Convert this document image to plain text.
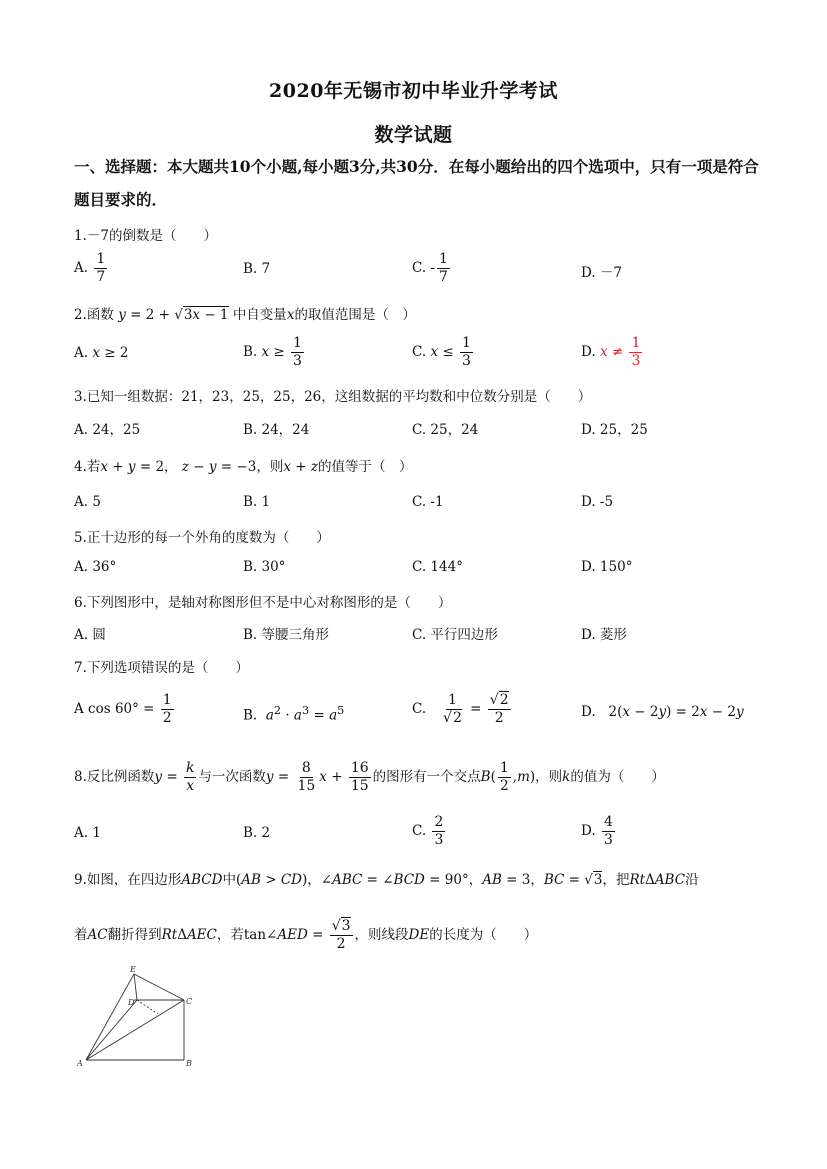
2020年无锡市初中毕业升学考试
数学试题
一、选择题：本大题共10个小题,每小题3分,共30分．在每小题给出的四个选项中，只有一项是符合题目要求的．
1.－7的倒数是（　　）
A. $\frac{1}{7}$	B. 7	C. - $\frac{1}{7}$	D. －7
2.函数 y = 2 + √3x − 1 中自变量x的取值范围是（　）
A. x ≥ 2	B. $x \ge \frac{1}{3}$	C. $x \le \frac{1}{3}$	D. $x \ne \frac{1}{3}$
3.已知一组数据：21，23，25，25，26，这组数据的平均数和中位数分别是（　　）
A. 24，25	B. 24，24	C. 25，24	D. 25，25
4.若x + y = 2， z − y = −3，则x + z的值等于（　）
A. 5	B. 1	C. -1	D. -5
5.正十边形的每一个外角的度数为（　　）
A. 36°	B. 30°	C. 144°	D. 150°
6.下列图形中，是轴对称图形但不是中心对称图形的是（　　）
A. 圆	B. 等腰三角形	C. 平行四边形	D. 菱形
7.下列选项错误的是（　　）
A $\cos 60^\circ = \frac{1}{2}$	B. $a^2 \cdot a^3 = a^5$	C. $\frac{1}{√2} = \frac{√2}{2}$	D.   2(x − 2y) = 2x − 2y
8.反比例函数$y = \frac{k}{x}$ 与一次函数$y = \frac{8}{15}$ $x + \frac{16}{15}$ 的图形有一个交点$B( \frac{1}{2} ,m)$，则k的值为（　　）
A. 1	B. 2	C. $\frac{2}{3}$	D. $\frac{4}{3}$
9.如图，在四边形ABCD中(AB > CD)，∠ABC = ∠BCD = 90°，AB = 3，BC = √3，把RtΔABC沿
着AC翻折得到RtΔAEC，若tan∠AED = $\frac{√3}{2}$ ，则线段DE的长度为（　　）
E
D	C
A	B
